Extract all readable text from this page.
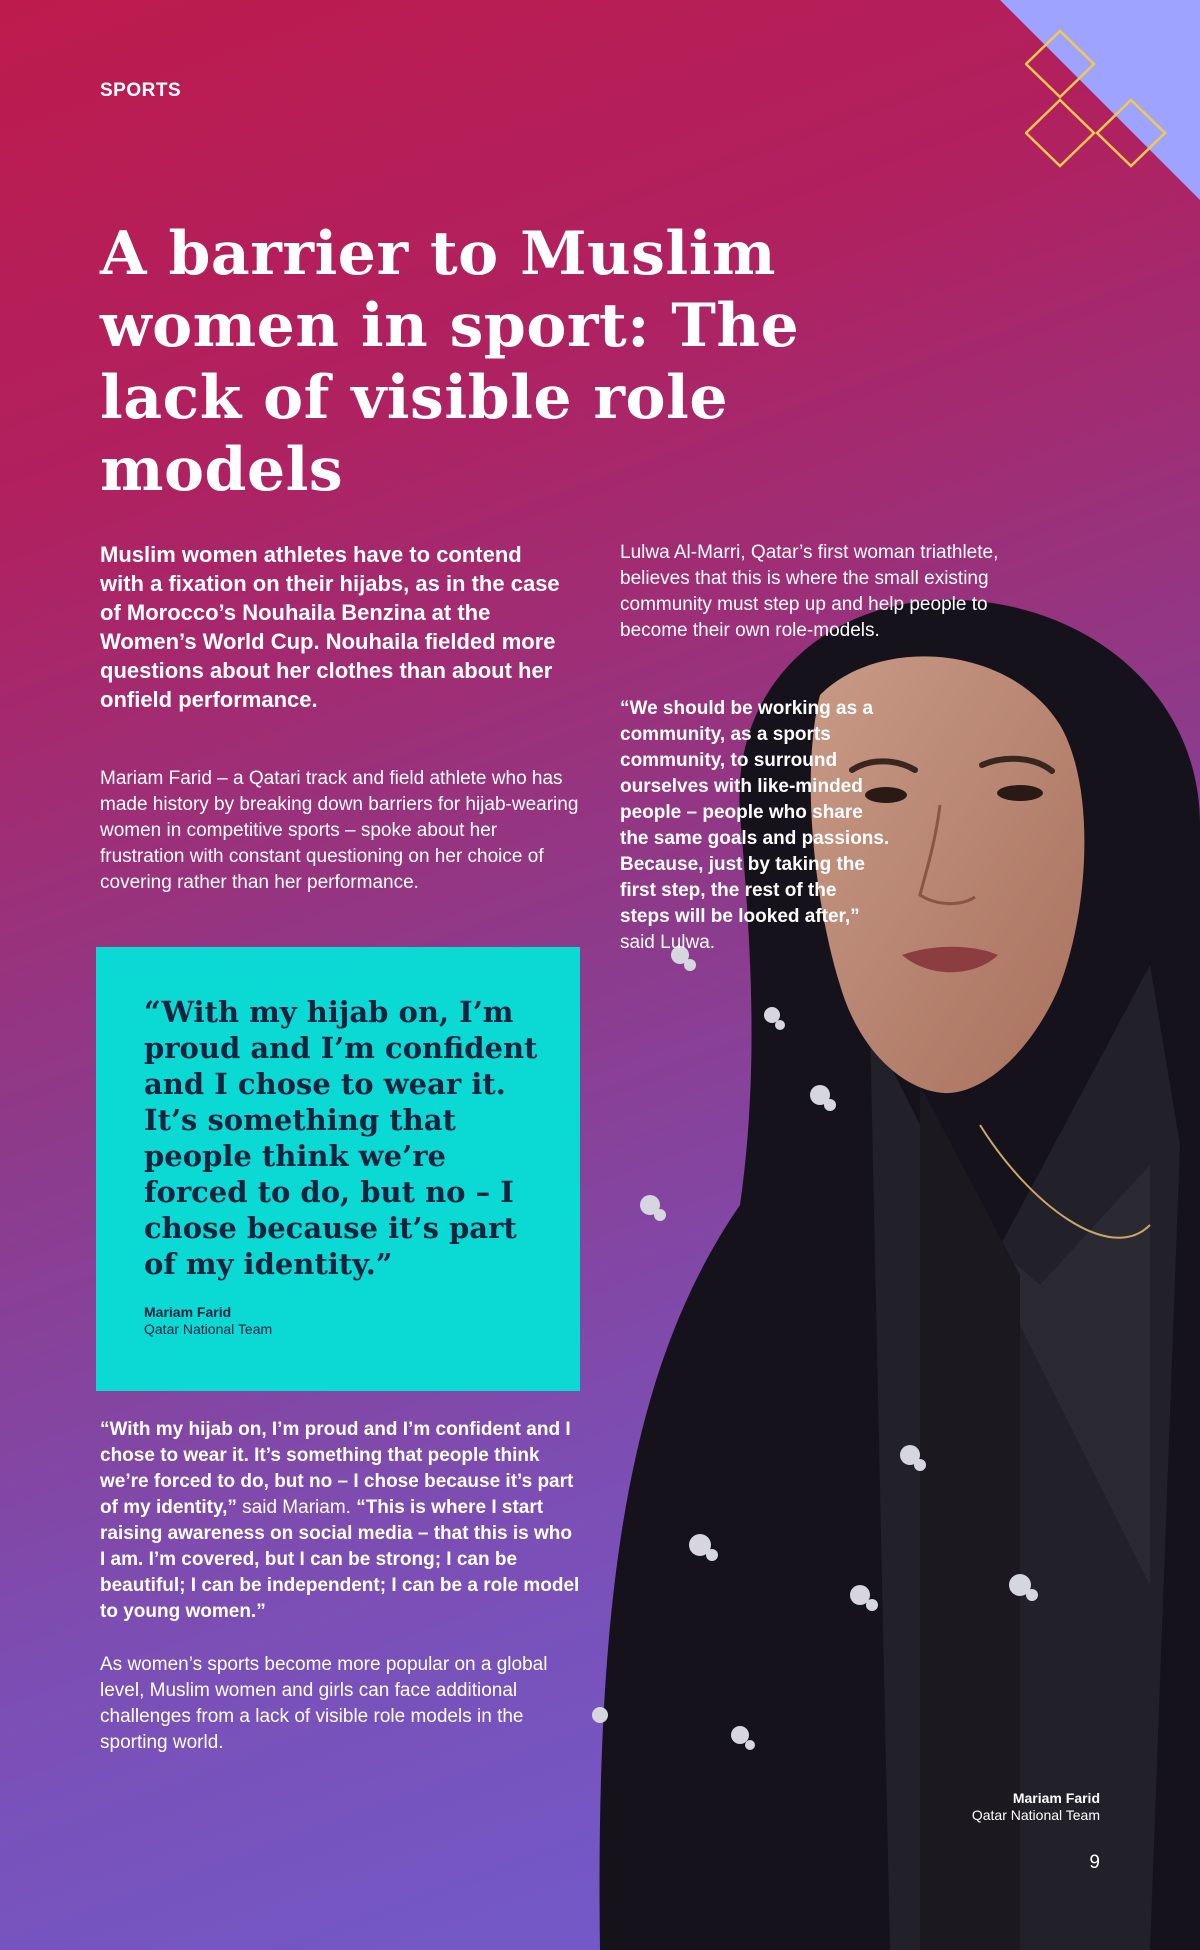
SPORTS
A barrier to Muslim women in sport: The lack of visible role models

Muslim women athletes have to contend with a fixation on their hijabs, as in the case of Morocco’s Nouhaila Benzina at the Women’s World Cup. Nouhaila fielded more questions about her clothes than about her onfield performance.

Mariam Farid – a Qatari track and field athlete who has made history by breaking down barriers for hijab-wearing women in competitive sports – spoke about her frustration with constant questioning on her choice of covering rather than her performance.

“With my hijab on, I’m proud and I’m confident and I chose to wear it. It’s something that people think we’re forced to do, but no – I chose because it’s part of my identity.”

Mariam Farid
Qatar National Team

“With my hijab on, I’m proud and I’m confident and I chose to wear it. It’s something that people think we’re forced to do, but no – I chose because it’s part of my identity,” said Mariam. “This is where I start raising awareness on social media – that this is who I am. I’m covered, but I can be strong; I can be beautiful; I can be independent; I can be a role model to young women.”

As women’s sports become more popular on a global level, Muslim women and girls can face additional challenges from a lack of visible role models in the sporting world.

Lulwa Al-Marri, Qatar’s first woman triathlete, believes that this is where the small existing community must step up and help people to become their own role-models.

“We should be working as a community, as a sports community, to surround ourselves with like-minded people – people who share the same goals and passions. Because, just by taking the first step, the rest of the steps will be looked after,” said Lulwa.

Mariam Farid
Qatar National Team
9
